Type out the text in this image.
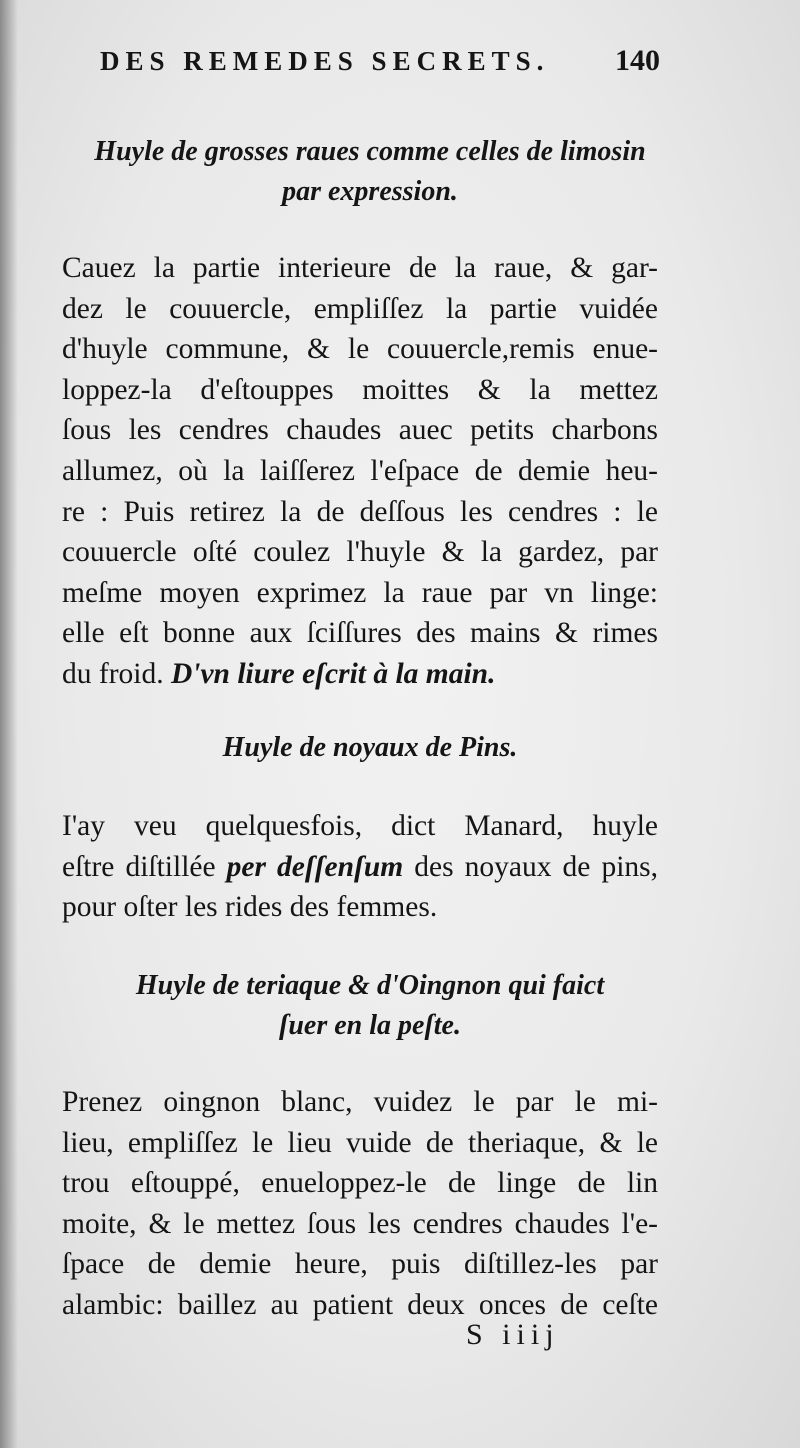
DES REMEDES SECRETS. 140
Huyle de grosses raues comme celles de limosin
par expression.
Cauez la partie interieure de la raue, & gar-
dez le couuercle, empliſſez la partie vuidée
d'huyle commune, & le couuercle,remis enue-
loppez-la d'eſtouppes moittes & la mettez
ſous les cendres chaudes auec petits charbons
allumez, où la laiſſerez l'eſpace de demie heu-
re : Puis retirez la de deſſous les cendres : le
couuercle oſté coulez l'huyle & la gardez, par
meſme moyen exprimez la raue par vn linge:
elle eſt bonne aux ſciſſures des mains & rimes
du froid. D'vn liure eſcrit à la main.
Huyle de noyaux de Pins.
I'ay veu quelquesfois, dict Manard, huyle
eſtre diſtillée per deſſenſum des noyaux de pins,
pour oſter les rides des femmes.
Huyle de teriaque & d'Oingnon qui faict
ſuer en la peſte.
Prenez oingnon blanc, vuidez le par le mi-
lieu, empliſſez le lieu vuide de theriaque, & le
trou eſtouppé, enueloppez-le de linge de lin
moite, & le mettez ſous les cendres chaudes l'e-
ſpace de demie heure, puis diſtillez-les par
alambic: baillez au patient deux onces de ceſte
S iiij
